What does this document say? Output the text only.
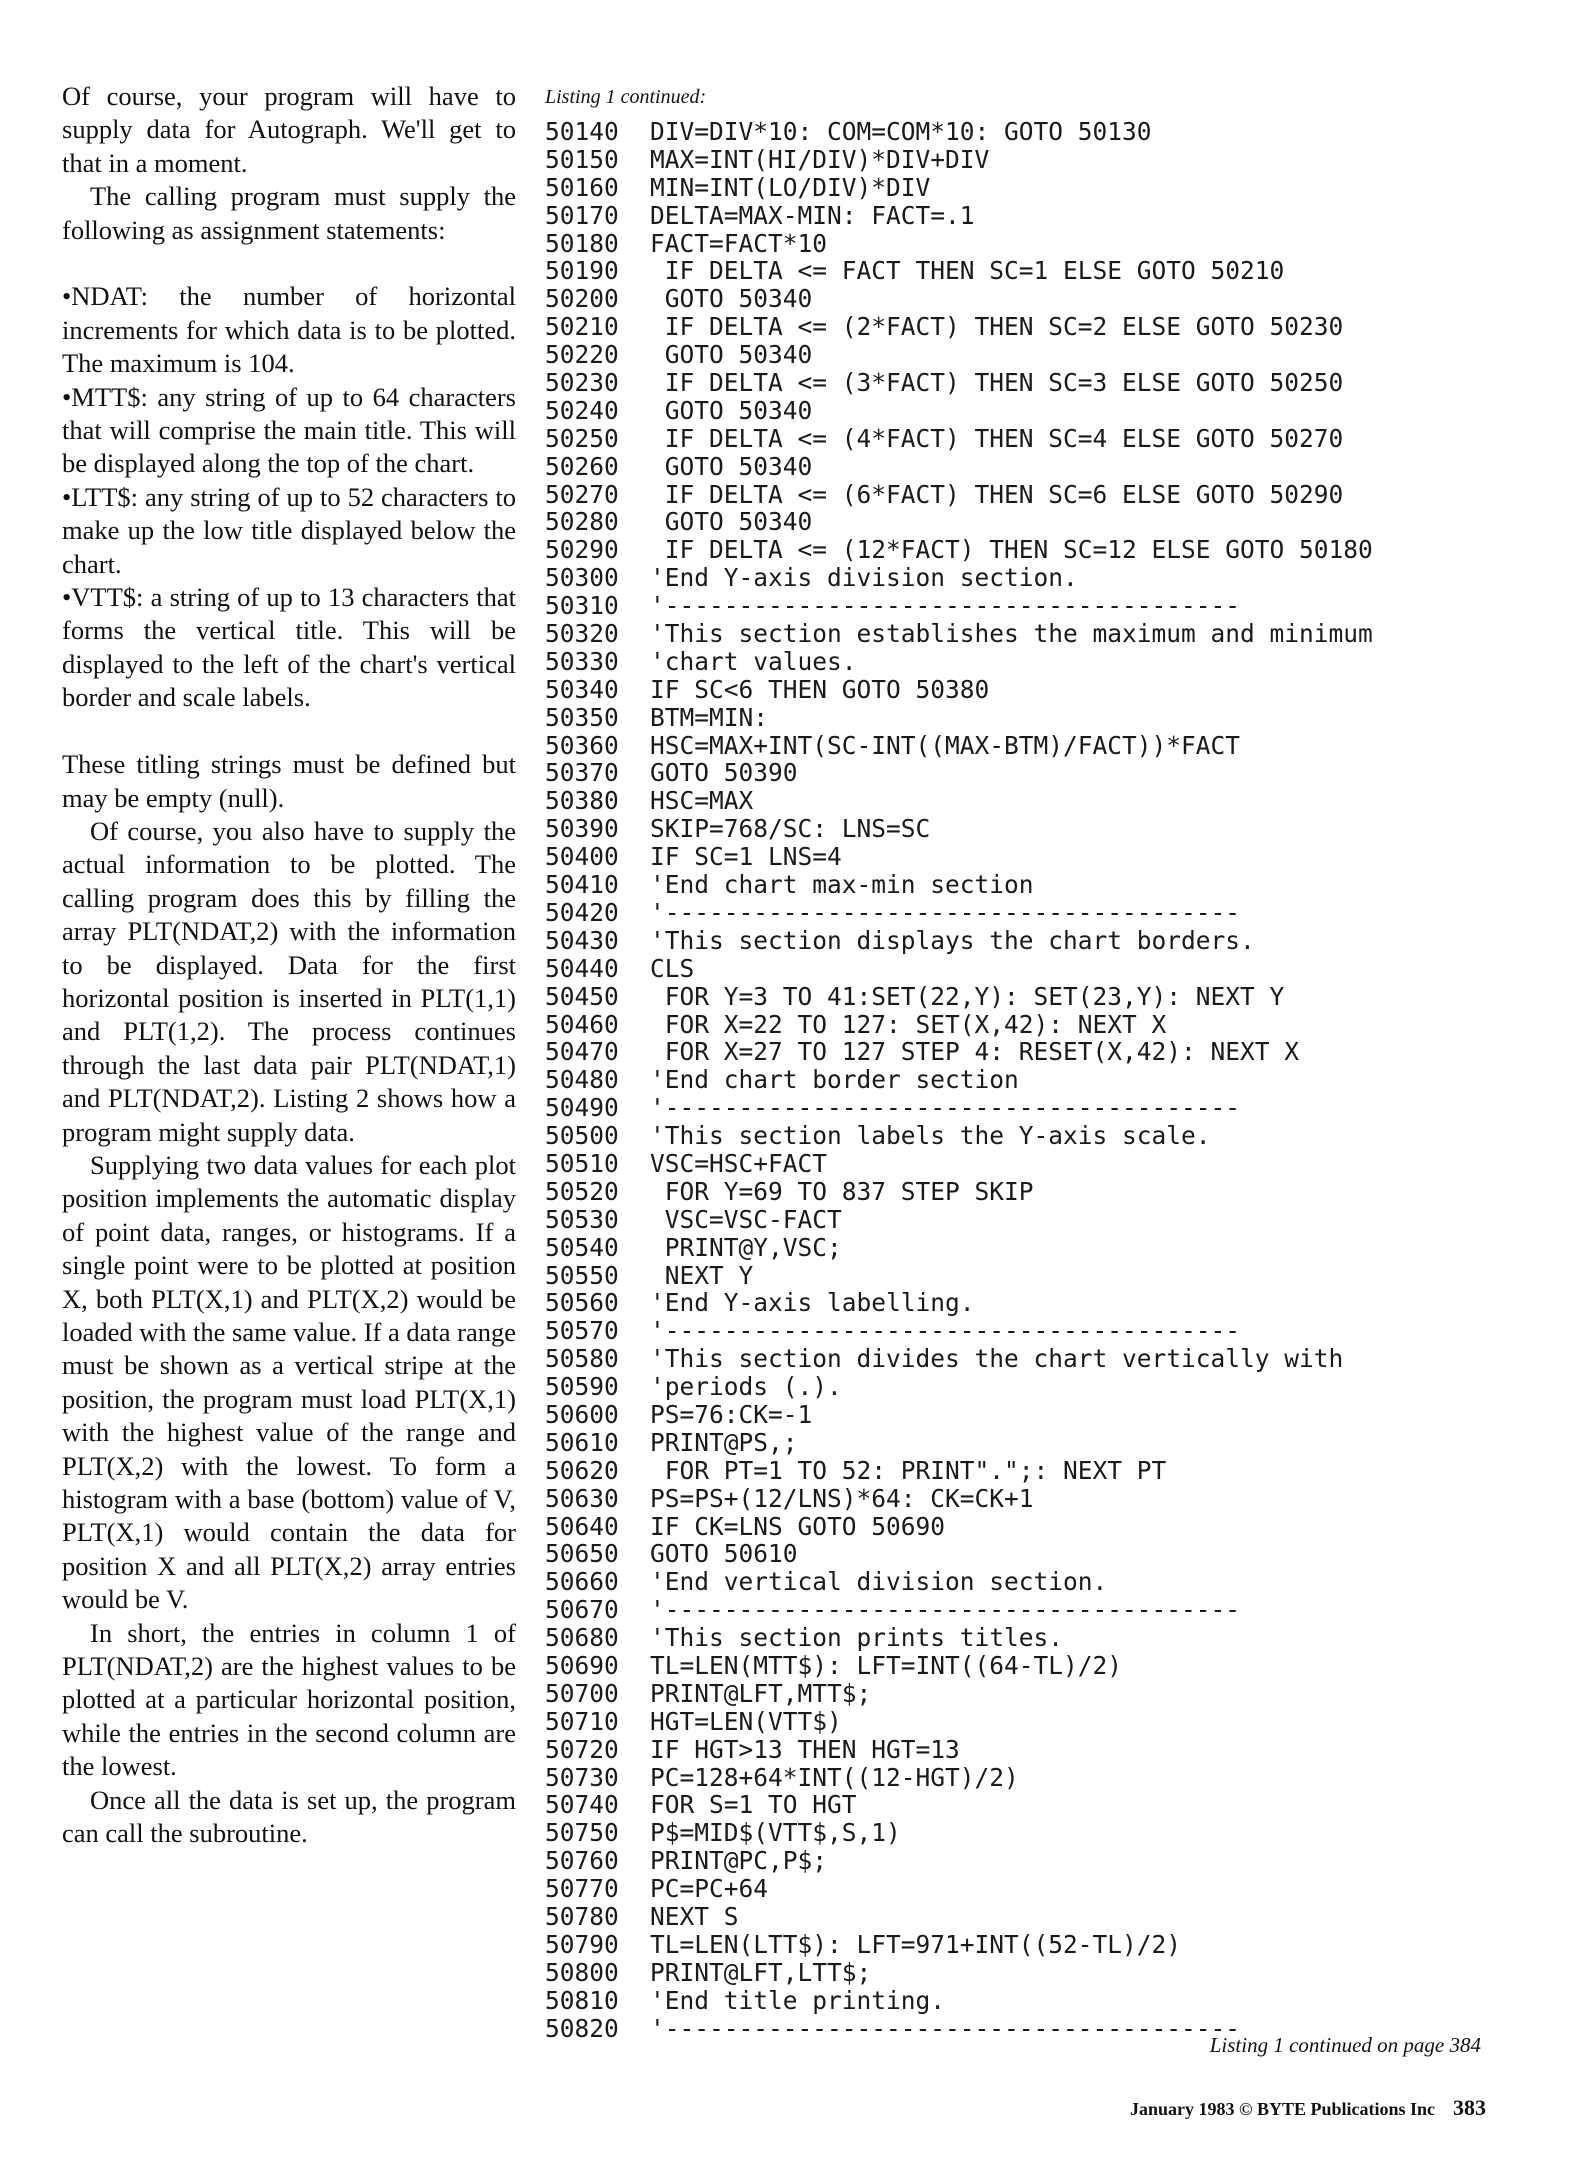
Of course, your program will have to supply data for Autograph. We'll get to that in a moment.

The calling program must supply the following as assignment statements:

•NDAT: the number of horizontal increments for which data is to be plotted. The maximum is 104.

•MTT$: any string of up to 64 characters that will comprise the main title. This will be displayed along the top of the chart.

•LTT$: any string of up to 52 characters to make up the low title displayed below the chart.

•VTT$: a string of up to 13 characters that forms the vertical title. This will be displayed to the left of the chart's vertical border and scale labels.

These titling strings must be defined but may be empty (null).

Of course, you also have to supply the actual information to be plotted. The calling program does this by filling the array PLT(NDAT,2) with the information to be displayed. Data for the first horizontal position is inserted in PLT(1,1) and PLT(1,2). The process continues through the last data pair PLT(NDAT,1) and PLT(NDAT,2). Listing 2 shows how a program might supply data.

Supplying two data values for each plot position implements the automatic display of point data, ranges, or histograms. If a single point were to be plotted at position X, both PLT(X,1) and PLT(X,2) would be loaded with the same value. If a data range must be shown as a vertical stripe at the position, the program must load PLT(X,1) with the highest value of the range and PLT(X,2) with the lowest. To form a histogram with a base (bottom) value of V, PLT(X,1) would contain the data for position X and all PLT(X,2) array entries would be V.

In short, the entries in column 1 of PLT(NDAT,2) are the highest values to be plotted at a particular horizontal position, while the entries in the second column are the lowest.

Once all the data is set up, the program can call the subroutine.

Listing 1 continued:
50140 DIV=DIV*10: COM=COM*10: GOTO 50130
50150 MAX=INT(HI/DIV)*DIV+DIV
50160 MIN=INT(LO/DIV)*DIV
50170 DELTA=MAX-MIN: FACT=.1
50180 FACT=FACT*10
50190 IF DELTA <= FACT THEN SC=1 ELSE GOTO 50210
50200 GOTO 50340
50210 IF DELTA <= (2*FACT) THEN SC=2 ELSE GOTO 50230
50220 GOTO 50340
50230 IF DELTA <= (3*FACT) THEN SC=3 ELSE GOTO 50250
50240 GOTO 50340
50250 IF DELTA <= (4*FACT) THEN SC=4 ELSE GOTO 50270
50260 GOTO 50340
50270 IF DELTA <= (6*FACT) THEN SC=6 ELSE GOTO 50290
50280 GOTO 50340
50290 IF DELTA <= (12*FACT) THEN SC=12 ELSE GOTO 50180
50300 'End Y-axis division section.
50310 '---------------------------------------
50320 'This section establishes the maximum and minimum
50330 'chart values.
50340 IF SC<6 THEN GOTO 50380
50350 BTM=MIN:
50360 HSC=MAX+INT(SC-INT((MAX-BTM)/FACT))*FACT
50370 GOTO 50390
50380 HSC=MAX
50390 SKIP=768/SC: LNS=SC
50400 IF SC=1 LNS=4
50410 'End chart max-min section
50420 '---------------------------------------
50430 'This section displays the chart borders.
50440 CLS
50450 FOR Y=3 TO 41:SET(22,Y): SET(23,Y): NEXT Y
50460 FOR X=22 TO 127: SET(X,42): NEXT X
50470 FOR X=27 TO 127 STEP 4: RESET(X,42): NEXT X
50480 'End chart border section
50490 '---------------------------------------
50500 'This section labels the Y-axis scale.
50510 VSC=HSC+FACT
50520 FOR Y=69 TO 837 STEP SKIP
50530 VSC=VSC-FACT
50540 PRINT@Y,VSC;
50550 NEXT Y
50560 'End Y-axis labelling.
50570 '---------------------------------------
50580 'This section divides the chart vertically with
50590 'periods (.).
50600 PS=76:CK=-1
50610 PRINT@PS,;
50620 FOR PT=1 TO 52: PRINT".";: NEXT PT
50630 PS=PS+(12/LNS)*64: CK=CK+1
50640 IF CK=LNS GOTO 50690
50650 GOTO 50610
50660 'End vertical division section.
50670 '---------------------------------------
50680 'This section prints titles.
50690 TL=LEN(MTT$): LFT=INT((64-TL)/2)
50700 PRINT@LFT,MTT$;
50710 HGT=LEN(VTT$)
50720 IF HGT>13 THEN HGT=13
50730 PC=128+64*INT((12-HGT)/2)
50740 FOR S=1 TO HGT
50750 P$=MID$(VTT$,S,1)
50760 PRINT@PC,P$;
50770 PC=PC+64
50780 NEXT S
50790 TL=LEN(LTT$): LFT=971+INT((52-TL)/2)
50800 PRINT@LFT,LTT$;
50810 'End title printing.
50820 '---------------------------------------
Listing 1 continued on page 384
January 1983 © BYTE Publications Inc 383
